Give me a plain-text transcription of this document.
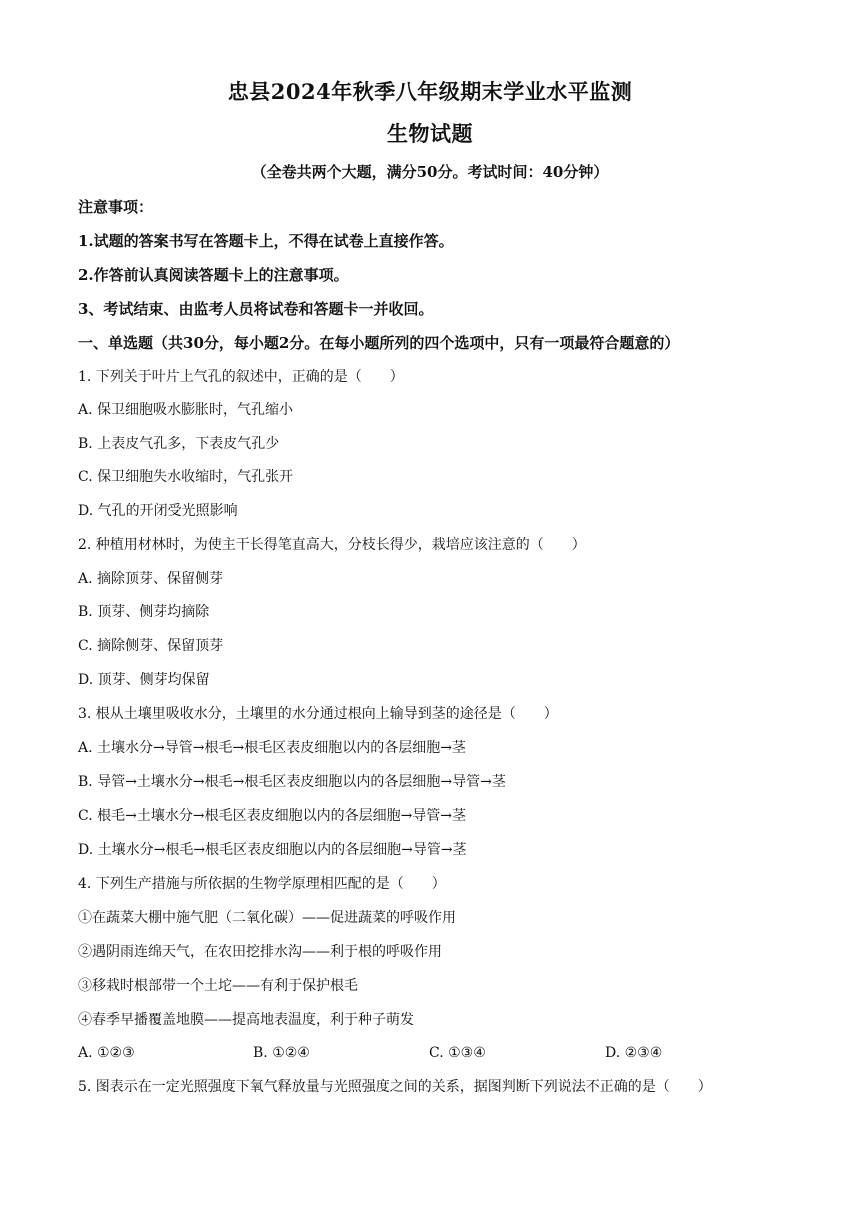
忠县2024年秋季八年级期末学业水平监测
生物试题
（全卷共两个大题，满分50分。考试时间：40分钟）
注意事项：
1.试题的答案书写在答题卡上，不得在试卷上直接作答。
2.作答前认真阅读答题卡上的注意事项。
3、考试结束、由监考人员将试卷和答题卡一并收回。
一、单选题（共30分，每小题2分。在每小题所列的四个选项中，只有一项最符合题意的）
1. 下列关于叶片上气孔的叙述中，正确的是（　　）
A. 保卫细胞吸水膨胀时，气孔缩小
B. 上表皮气孔多，下表皮气孔少
C. 保卫细胞失水收缩时，气孔张开
D. 气孔的开闭受光照影响
2. 种植用材林时，为使主干长得笔直高大，分枝长得少，栽培应该注意的（　　）
A. 摘除顶芽、保留侧芽
B. 顶芽、侧芽均摘除
C. 摘除侧芽、保留顶芽
D. 顶芽、侧芽均保留
3. 根从土壤里吸收水分，土壤里的水分通过根向上输导到茎的途径是（　　）
A. 土壤水分→导管→根毛→根毛区表皮细胞以内的各层细胞→茎
B. 导管→土壤水分→根毛→根毛区表皮细胞以内的各层细胞→导管→茎
C. 根毛→土壤水分→根毛区表皮细胞以内的各层细胞→导管→茎
D. 土壤水分→根毛→根毛区表皮细胞以内的各层细胞→导管→茎
4. 下列生产措施与所依据的生物学原理相匹配的是（　　）
①在蔬菜大棚中施气肥（二氧化碳）——促进蔬菜的呼吸作用
②遇阴雨连绵天气，在农田挖排水沟——利于根的呼吸作用
③移栽时根部带一个土坨——有利于保护根毛
④春季早播覆盖地膜——提高地表温度，利于种子萌发
A. ①②③	B. ①②④	C. ①③④	D. ②③④
5. 图表示在一定光照强度下氧气释放量与光照强度之间的关系，据图判断下列说法不正确的是（　　）
